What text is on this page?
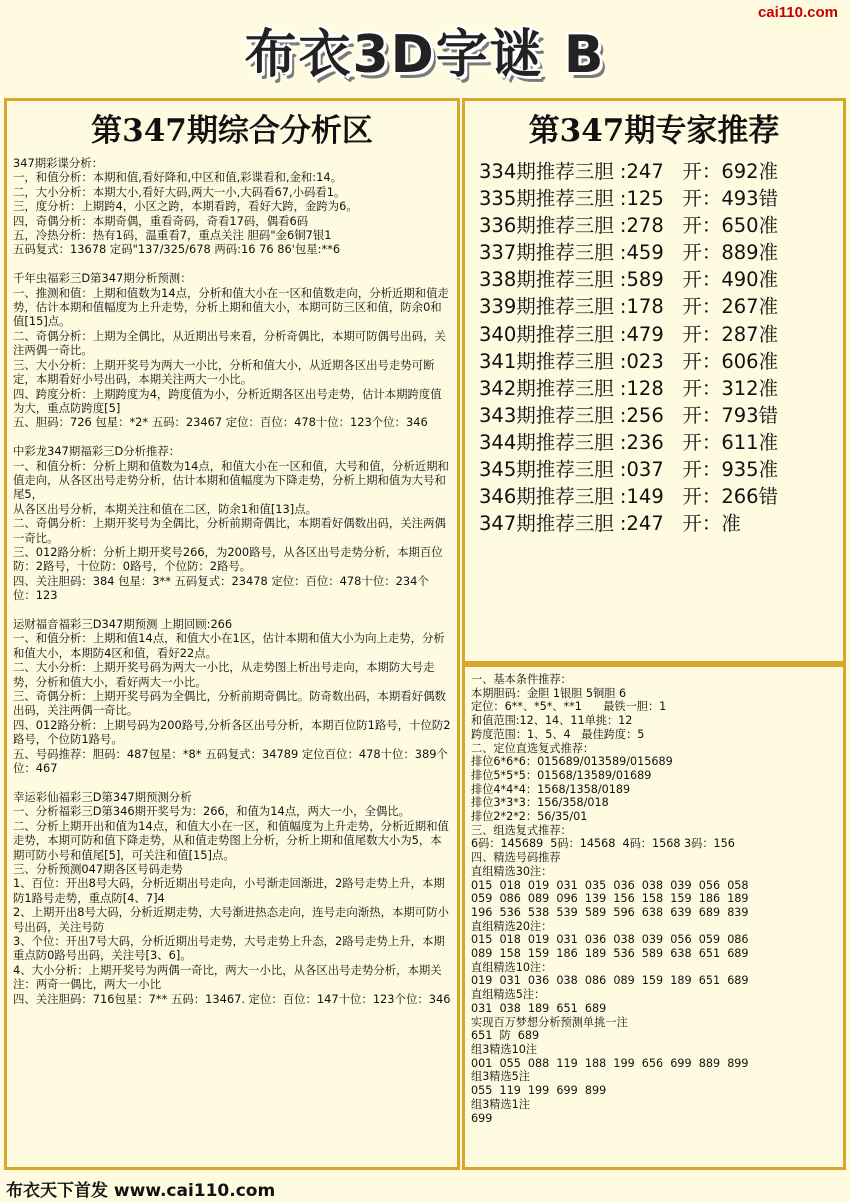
cai110.com
布衣3D字谜 B
第347期综合分析区
347期彩谍分析：
一，和值分析：本期和值,看好降和,中区和值,彩谍看和,金和:14。
二，大小分析：本期大小,看好大码,两大一小,大码看67,小码看1。
三，度分析：上期跨4，小区之跨，本期看跨，看好大跨，金跨为6。
四，奇偶分析：本期奇偶，重看奇码，奇看17码，偶看6码
五，冷热分析：热有1码，温重看7，重点关注 胆码"金6铜7银1
五码复式：13678 定码"137/325/678 两码:16 76 86'包星:**6

千年虫福彩三D第347期分析预测：
一、推测和值：上期和值数为14点，分析和值大小在一区和值数走向，分析近期和值走势，估计本期和值幅度为上升走势，分析上期和值大小，本期可防三区和值，防余0和值[15]点。
二、奇偶分析：上期为全偶比，从近期出号来看，分析奇偶比，本期可防偶号出码，关注两偶一奇比。
三、大小分析：上期开奖号为两大一小比，分析和值大小，从近期各区出号走势可断定，本期看好小号出码，本期关注两大一小比。
四、跨度分析：上期跨度为4，跨度值为小，分析近期各区出号走势，估计本期跨度值为大，重点防跨度[5]
五、胆码：726 包星：*2* 五码：23467 定位：百位：478十位：123个位：346

中彩龙347期福彩三D分析推荐：
一、和值分析：分析上期和值数为14点，和值大小在一区和值，大号和值，分析近期和值走向，从各区出号走势分析，估计本期和值幅度为下降走势，分析上期和值为大号和尾5，
从各区出号分析，本期关注和值在二区，防余1和值[13]点。
二、奇偶分析：上期开奖号为全偶比，分析前期奇偶比，本期看好偶数出码，关注两偶一奇比。
三、012路分析：分析上期开奖号266，为200路号，从各区出号走势分析，本期百位防：2路号，十位防：0路号，个位防：2路号。
四、关注胆码：384 包星：3** 五码复式：23478 定位：百位：478十位：234个位：123

运财福音福彩三D347期预测 上期回顾:266
一、和值分析：上期和值14点，和值大小在1区，估计本期和值大小为向上走势，分析和值大小，本期防4区和值，看好22点。
二、大小分析：上期开奖号码为两大一小比，从走势图上析出号走向，本期防大号走势，分析和值大小，看好两大一小比。
三、奇偶分析：上期开奖号码为全偶比，分析前期奇偶比。防奇数出码，本期看好偶数出码，关注两偶一奇比。
四、012路分析：上期号码为200路号,分析各区出号分析，本期百位防1路号，十位防2路号，个位防1路号。
五、号码推荐：胆码：487包星：*8* 五码复式：34789 定位百位：478十位：389个位：467

幸运彩仙福彩三D第347期预测分析
一、分析福彩三D第346期开奖号为：266，和值为14点，两大一小，全偶比。
二、分析上期开出和值为14点，和值大小在一区，和值幅度为上升走势，分析近期和值走势，本期可防和值下降走势，从和值走势图上分析，分析上期和值尾数大小为5，本期可防小号和值尾[5]，可关注和值[15]点。
三、分析预测047期各区号码走势
1、百位：开出8号大码，分析近期出号走向，小号渐走回渐进，2路号走势上升，本期防1路号走势，重点防[4、7]4
2、上期开出8号大码，分析近期走势，大号渐进热态走向，连号走向渐热，本期可防小号出码，关注号防
3、个位：开出7号大码，分析近期出号走势，大号走势上升态，2路号走势上升，本期重点防0路号出码，关注号[3、6]。
4、大小分析：上期开奖号为两偶一奇比，两大一小比，从各区出号走势分析，本期关注：两奇一偶比，两大一小比
四、关注胆码：716包星：7** 五码：13467. 定位：百位：147十位：123个位：346
第347期专家推荐
334期推荐三胆 :247   开：692准
335期推荐三胆 :125   开：493错
336期推荐三胆 :278   开：650准
337期推荐三胆 :459   开：889准
338期推荐三胆 :589   开：490准
339期推荐三胆 :178   开：267准
340期推荐三胆 :479   开：287准
341期推荐三胆 :023   开：606准
342期推荐三胆 :128   开：312准
343期推荐三胆 :256   开：793错
344期推荐三胆 :236   开：611准
345期推荐三胆 :037   开：935准
346期推荐三胆 :149   开：266错
347期推荐三胆 :247   开：准
一、基本条件推荐：
本期胆码：金胆 1银胆 5铜胆 6
定位：6**、*5*、**1      最铁一胆：1
和值范围:12、14、11单挑：12
跨度范围：1、5、4   最佳跨度：5
二、定位直选复式推荐：
排位6*6*6：015689/013589/015689
排位5*5*5：01568/13589/01689
排位4*4*4：1568/1358/0189
排位3*3*3：156/358/018
排位2*2*2：56/35/01
三、组选复式推荐：
6码：145689  5码：14568  4码：1568 3码：156
四、精选号码推荐
直组精选30注：
015  018  019  031  035  036  038  039  056  058
059  086  089  096  139  156  158  159  186  189
196  536  538  539  589  596  638  639  689  839
直组精选20注：
015  018  019  031  036  038  039  056  059  086
089  158  159  186  189  536  589  638  651  689
直组精选10注：
019  031  036  038  086  089  159  189  651  689
直组精选5注：
031  038  189  651  689
实现百万梦想分析预测单挑一注
651  防  689
组3精选10注
001  055  088  119  188  199  656  699  889  899
组3精选5注
055  119  199  699  899
组3精选1注
699
布衣天下首发 www.cai110.com
